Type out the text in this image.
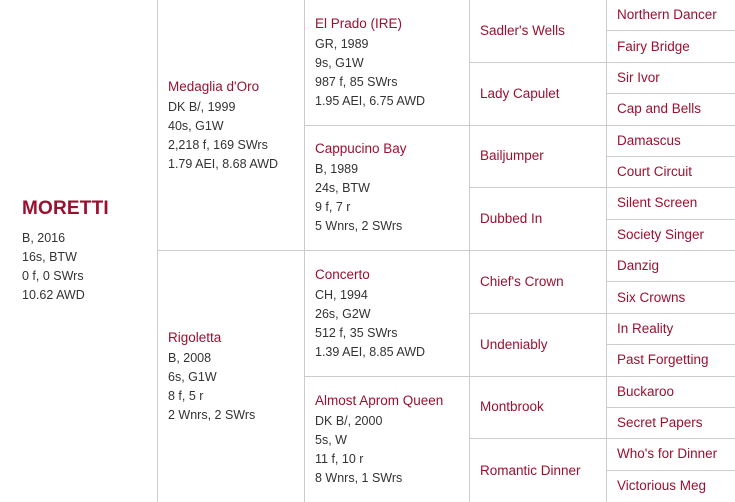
MORETTI
B, 2016
16s, BTW
0 f, 0 SWrs
10.62 AWD
Medaglia d'Oro
DK B/, 1999
40s, G1W
2,218 f, 169 SWrs
1.79 AEI, 8.68 AWD
Rigoletta
B, 2008
6s, G1W
8 f, 5 r
2 Wnrs, 2 SWrs
El Prado (IRE)
GR, 1989
9s, G1W
987 f, 85 SWrs
1.95 AEI, 6.75 AWD
Cappucino Bay
B, 1989
24s, BTW
9 f, 7 r
5 Wnrs, 2 SWrs
Concerto
CH, 1994
26s, G2W
512 f, 35 SWrs
1.39 AEI, 8.85 AWD
Almost Aprom Queen
DK B/, 2000
5s, W
11 f, 10 r
8 Wnrs, 1 SWrs
Sadler's Wells
Lady Capulet
Bailjumper
Dubbed In
Chief's Crown
Undeniably
Montbrook
Romantic Dinner
Northern Dancer
Fairy Bridge
Sir Ivor
Cap and Bells
Damascus
Court Circuit
Silent Screen
Society Singer
Danzig
Six Crowns
In Reality
Past Forgetting
Buckaroo
Secret Papers
Who's for Dinner
Victorious Meg
